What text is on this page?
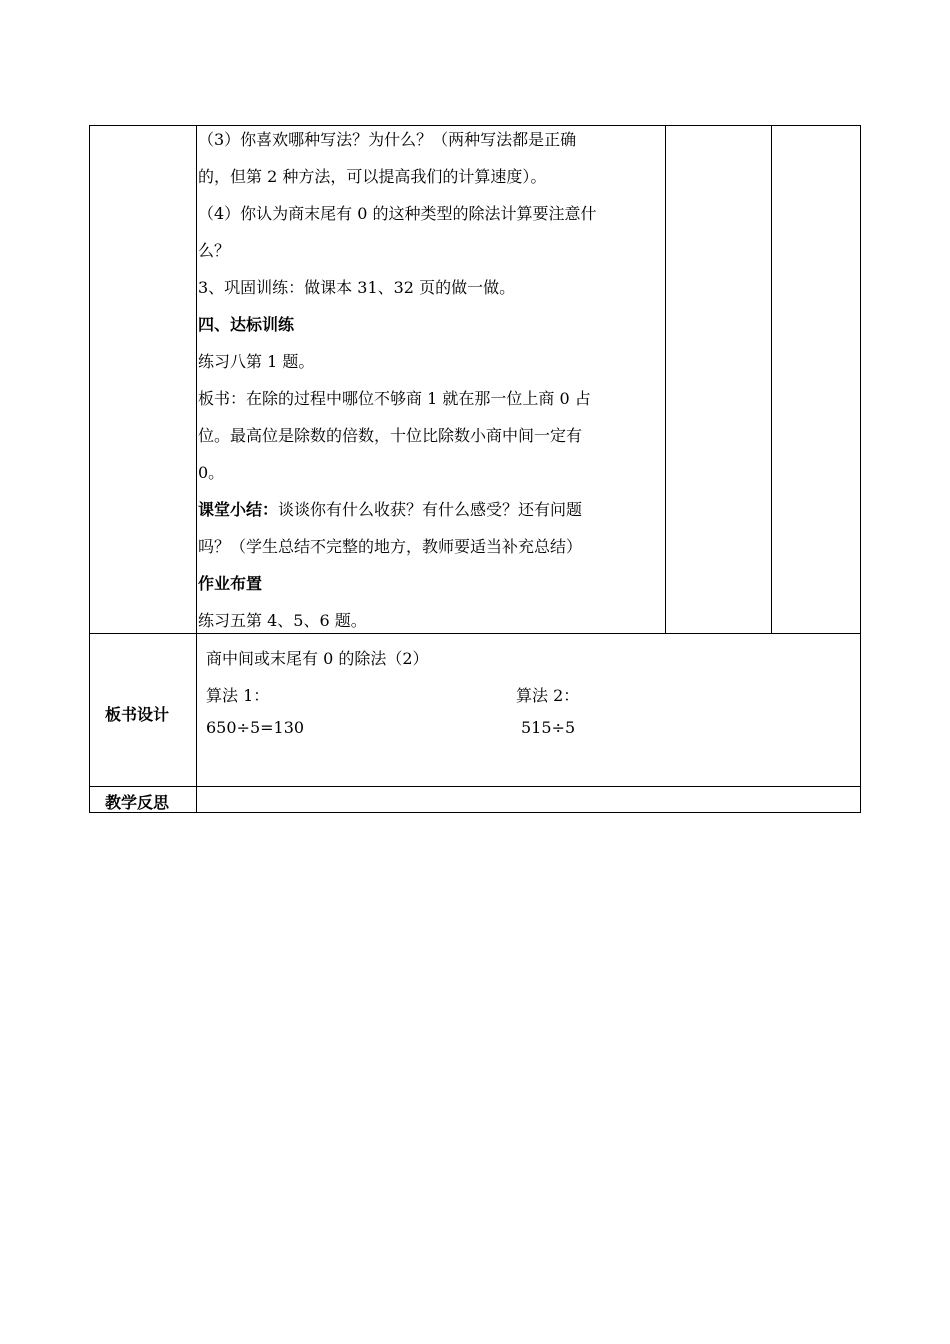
（3）你喜欢哪种写法？为什么？（两种写法都是正确
的，但第 2 种方法，可以提高我们的计算速度）。
（4）你认为商末尾有 0 的这种类型的除法计算要注意什
么？
3、巩固训练：做课本 31、32 页的做一做。
四、达标训练
练习八第 1 题。
板书：在除的过程中哪位不够商 1 就在那一位上商 0 占
位。最高位是除数的倍数，十位比除数小商中间一定有
0。
课堂小结：谈谈你有什么收获？有什么感受？还有问题
吗？（学生总结不完整的地方，教师要适当补充总结）
作业布置
练习五第 4、5、6 题。
板书设计
商中间或末尾有 0 的除法（2）
算法 1：
650÷5=130
算法 2：
515÷5
教学反思
